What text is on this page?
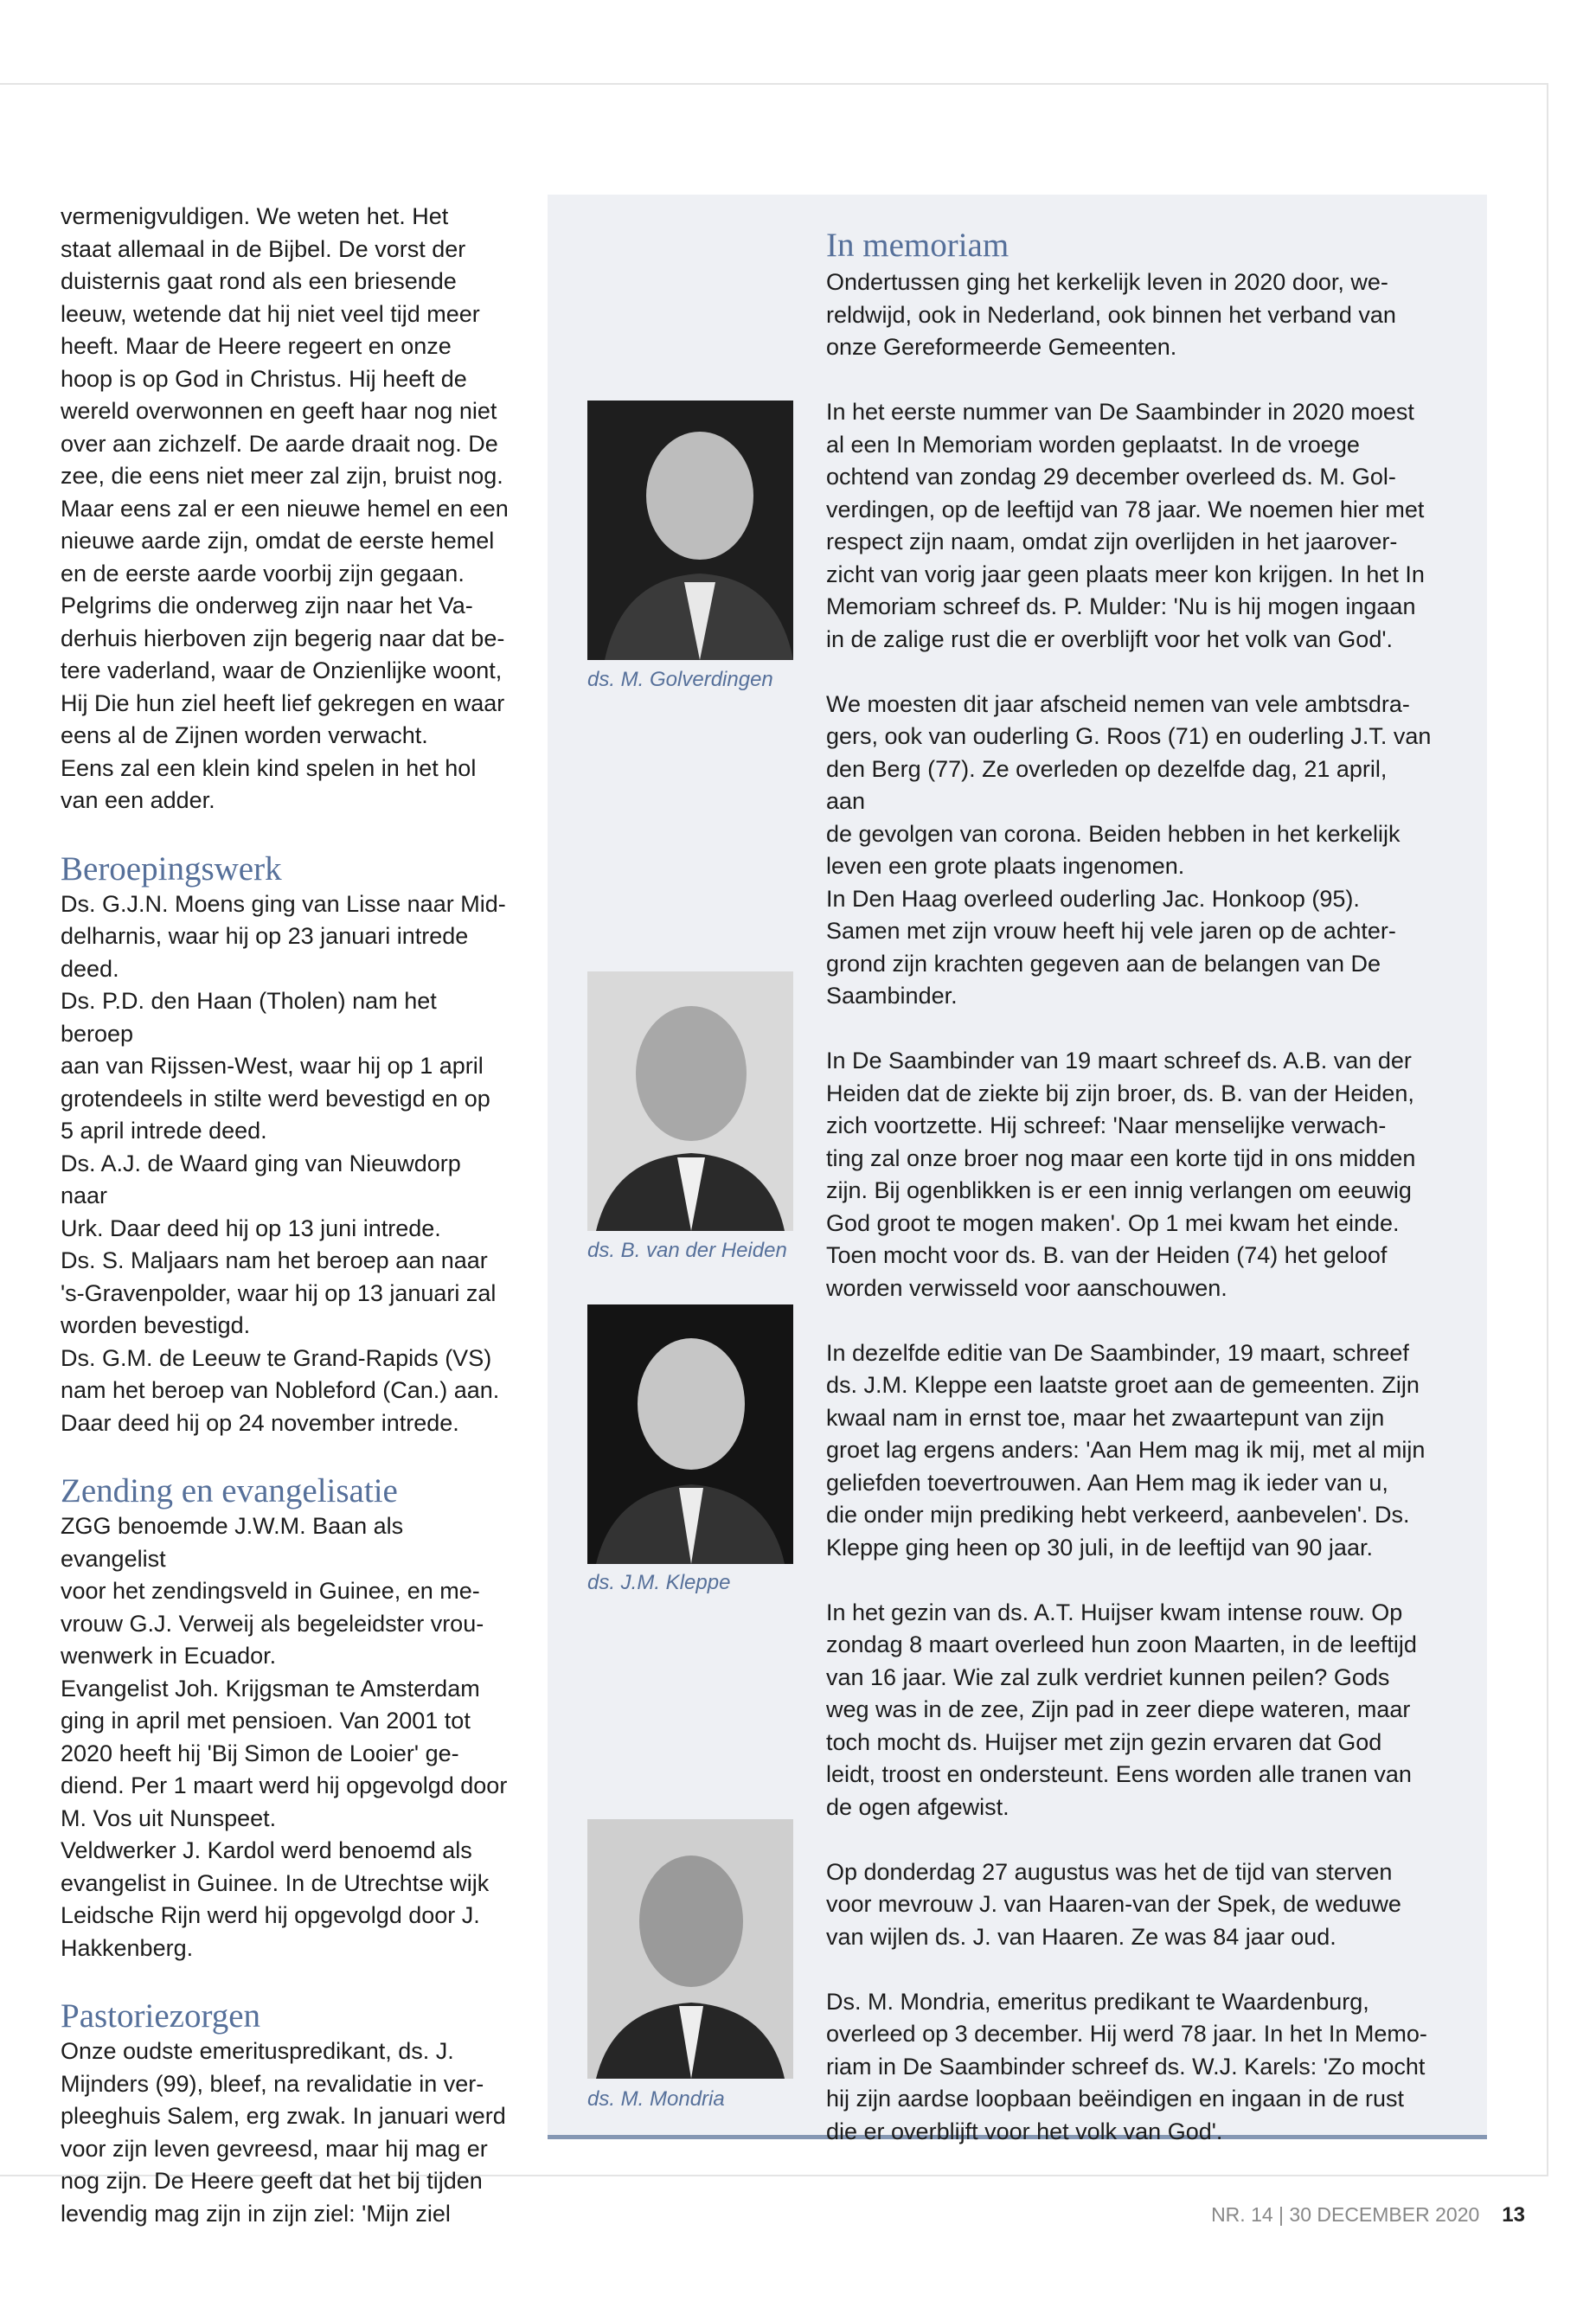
vermenigvuldigen. We weten het. Het
staat allemaal in de Bijbel. De vorst der
duisternis gaat rond als een briesende
leeuw, wetende dat hij niet veel tijd meer
heeft. Maar de Heere regeert en onze
hoop is op God in Christus. Hij heeft de
wereld overwonnen en geeft haar nog niet
over aan zichzelf. De aarde draait nog. De
zee, die eens niet meer zal zijn, bruist nog.
Maar eens zal er een nieuwe hemel en een
nieuwe aarde zijn, omdat de eerste hemel
en de eerste aarde voorbij zijn gegaan.
Pelgrims die onderweg zijn naar het Va-
derhuis hierboven zijn begerig naar dat be-
tere vaderland, waar de Onzienlijke woont,
Hij Die hun ziel heeft lief gekregen en waar
eens al de Zijnen worden verwacht.
Eens zal een klein kind spelen in het hol
van een adder.

Beroepingswerk

Ds. G.J.N. Moens ging van Lisse naar Mid-
delharnis, waar hij op 23 januari intrede
deed.
Ds. P.D. den Haan (Tholen) nam het beroep
aan van Rijssen-West, waar hij op 1 april
grotendeels in stilte werd bevestigd en op
5 april intrede deed.
Ds. A.J. de Waard ging van Nieuwdorp naar
Urk. Daar deed hij op 13 juni intrede.
Ds. S. Maljaars nam het beroep aan naar
's-Gravenpolder, waar hij op 13 januari zal
worden bevestigd.
Ds. G.M. de Leeuw te Grand-Rapids (VS)
nam het beroep van Nobleford (Can.) aan.
Daar deed hij op 24 november intrede.

Zending en evangelisatie

ZGG benoemde J.W.M. Baan als evangelist
voor het zendingsveld in Guinee, en me-
vrouw G.J. Verweij als begeleidster vrou-
wenwerk in Ecuador.
Evangelist Joh. Krijgsman te Amsterdam
ging in april met pensioen. Van 2001 tot
2020 heeft hij 'Bij Simon de Looier' ge-
diend. Per 1 maart werd hij opgevolgd door
M. Vos uit Nunspeet.
Veldwerker J. Kardol werd benoemd als
evangelist in Guinee. In de Utrechtse wijk
Leidsche Rijn werd hij opgevolgd door J.
Hakkenberg.

Pastoriezorgen

Onze oudste emerituspredikant, ds. J.
Mijnders (99), bleef, na revalidatie in ver-
pleeghuis Salem, erg zwak. In januari werd
voor zijn leven gevreesd, maar hij mag er
nog zijn. De Heere geeft dat het bij tijden
levendig mag zijn in zijn ziel: 'Mijn ziel

ds. M. Golverdingen
ds. B. van der Heiden
ds. J.M. Kleppe
ds. M. Mondria
In memoriam

Ondertussen ging het kerkelijk leven in 2020 door, we-
reldwijd, ook in Nederland, ook binnen het verband van
onze Gereformeerde Gemeenten.

In het eerste nummer van De Saambinder in 2020 moest
al een In Memoriam worden geplaatst. In de vroege
ochtend van zondag 29 december overleed ds. M. Gol-
verdingen, op de leeftijd van 78 jaar. We noemen hier met
respect zijn naam, omdat zijn overlijden in het jaarover-
zicht van vorig jaar geen plaats meer kon krijgen. In het In
Memoriam schreef ds. P. Mulder: 'Nu is hij mogen ingaan
in de zalige rust die er overblijft voor het volk van God'.

We moesten dit jaar afscheid nemen van vele ambtsdra-
gers, ook van ouderling G. Roos (71) en ouderling J.T. van
den Berg (77). Ze overleden op dezelfde dag, 21 april, aan
de gevolgen van corona. Beiden hebben in het kerkelijk
leven een grote plaats ingenomen.
In Den Haag overleed ouderling Jac. Honkoop (95).
Samen met zijn vrouw heeft hij vele jaren op de achter-
grond zijn krachten gegeven aan de belangen van De
Saambinder.

In De Saambinder van 19 maart schreef ds. A.B. van der
Heiden dat de ziekte bij zijn broer, ds. B. van der Heiden,
zich voortzette. Hij schreef: 'Naar menselijke verwach-
ting zal onze broer nog maar een korte tijd in ons midden
zijn. Bij ogenblikken is er een innig verlangen om eeuwig
God groot te mogen maken'. Op 1 mei kwam het einde.
Toen mocht voor ds. B. van der Heiden (74) het geloof
worden verwisseld voor aanschouwen.

In dezelfde editie van De Saambinder, 19 maart, schreef
ds. J.M. Kleppe een laatste groet aan de gemeenten. Zijn
kwaal nam in ernst toe, maar het zwaartepunt van zijn
groet lag ergens anders: 'Aan Hem mag ik mij, met al mijn
geliefden toevertrouwen. Aan Hem mag ik ieder van u,
die onder mijn prediking hebt verkeerd, aanbevelen'. Ds.
Kleppe ging heen op 30 juli, in de leeftijd van 90 jaar.

In het gezin van ds. A.T. Huijser kwam intense rouw. Op
zondag 8 maart overleed hun zoon Maarten, in de leeftijd
van 16 jaar. Wie zal zulk verdriet kunnen peilen? Gods
weg was in de zee, Zijn pad in zeer diepe wateren, maar
toch mocht ds. Huijser met zijn gezin ervaren dat God
leidt, troost en ondersteunt. Eens worden alle tranen van
de ogen afgewist.

Op donderdag 27 augustus was het de tijd van sterven
voor mevrouw J. van Haaren-van der Spek, de weduwe
van wijlen ds. J. van Haaren. Ze was 84 jaar oud.

Ds. M. Mondria, emeritus predikant te Waardenburg,
overleed op 3 december. Hij werd 78 jaar. In het In Memo-
riam in De Saambinder schreef ds. W.J. Karels: 'Zo mocht
hij zijn aardse loopbaan beëindigen en ingaan in de rust
die er overblijft voor het volk van God'.

NR. 14 | 30 DECEMBER 2020 13
